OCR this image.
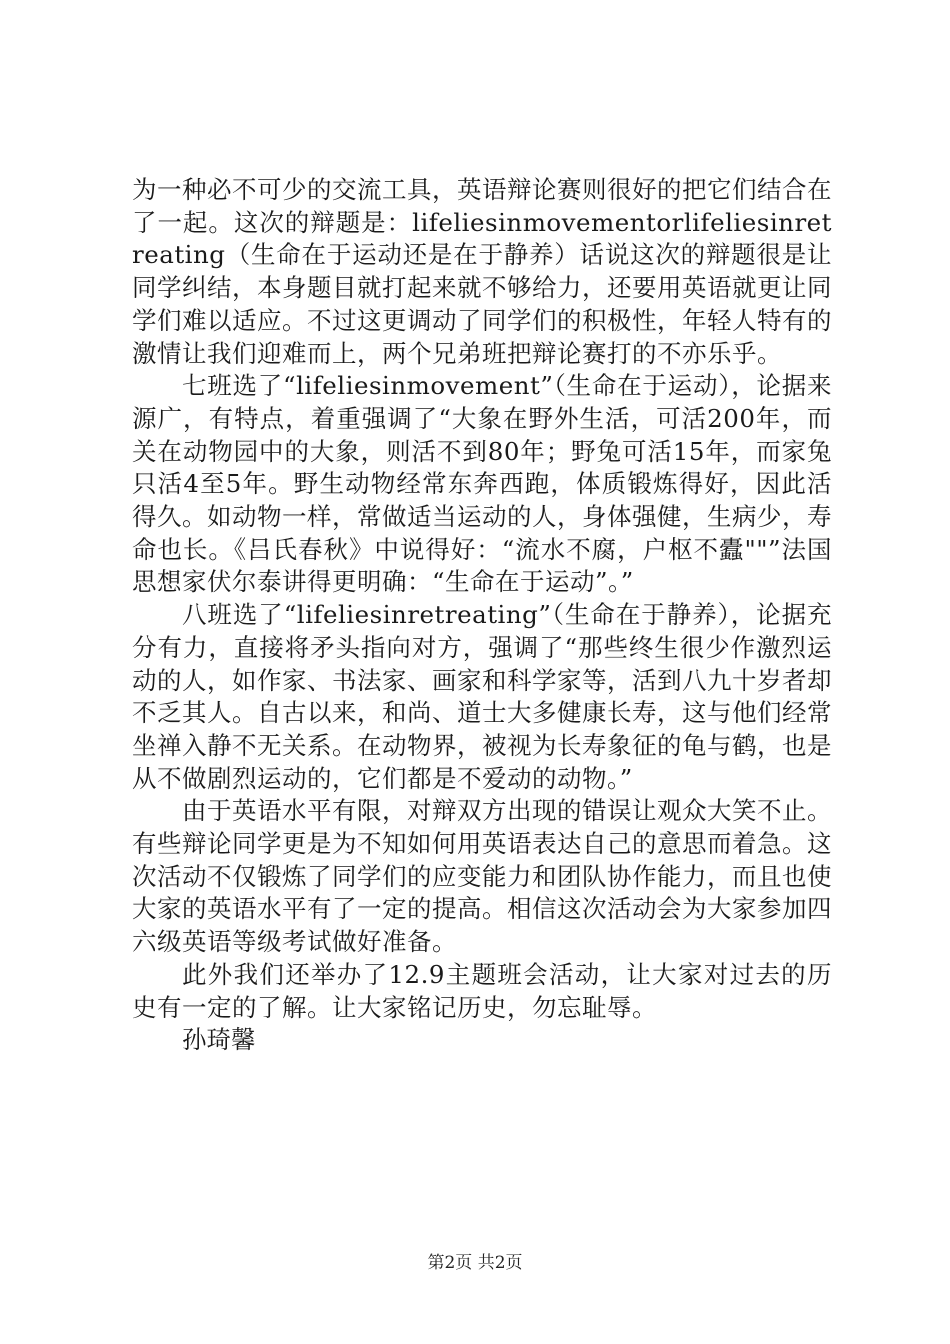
为一种必不可少的交流工具，英语辩论赛则很好的把它们结合在了一起。这次的辩题是：lifeliesinmovementorlifeliesinretreating（生命在于运动还是在于静养）话说这次的辩题很是让同学纠结，本身题目就打起来就不够给力，还要用英语就更让同学们难以适应。不过这更调动了同学们的积极性，年轻人特有的激情让我们迎难而上，两个兄弟班把辩论赛打的不亦乐乎。

七班选了“lifeliesinmovement”（生命在于运动），论据来源广，有特点，着重强调了“大象在野外生活，可活200年，而关在动物园中的大象，则活不到80年；野兔可活15年，而家兔只活4至5年。野生动物经常东奔西跑，体质锻炼得好，因此活得久。如动物一样，常做适当运动的人，身体强健，生病少，寿命也长。《吕氏春秋》中说得好：“流水不腐，户枢不蠹""”法国思想家伏尔泰讲得更明确：“生命在于运动”。”

八班选了“lifeliesinretreating”（生命在于静养），论据充分有力，直接将矛头指向对方，强调了“那些终生很少作激烈运动的人，如作家、书法家、画家和科学家等，活到八九十岁者却不乏其人。自古以来，和尚、道士大多健康长寿，这与他们经常坐禅入静不无关系。在动物界，被视为长寿象征的龟与鹤，也是从不做剧烈运动的，它们都是不爱动的动物。”

由于英语水平有限，对辩双方出现的错误让观众大笑不止。有些辩论同学更是为不知如何用英语表达自己的意思而着急。这次活动不仅锻炼了同学们的应变能力和团队协作能力，而且也使大家的英语水平有了一定的提高。相信这次活动会为大家参加四六级英语等级考试做好准备。

此外我们还举办了12.9主题班会活动，让大家对过去的历史有一定的了解。让大家铭记历史，勿忘耻辱。

孙琦馨

第2页 共2页
